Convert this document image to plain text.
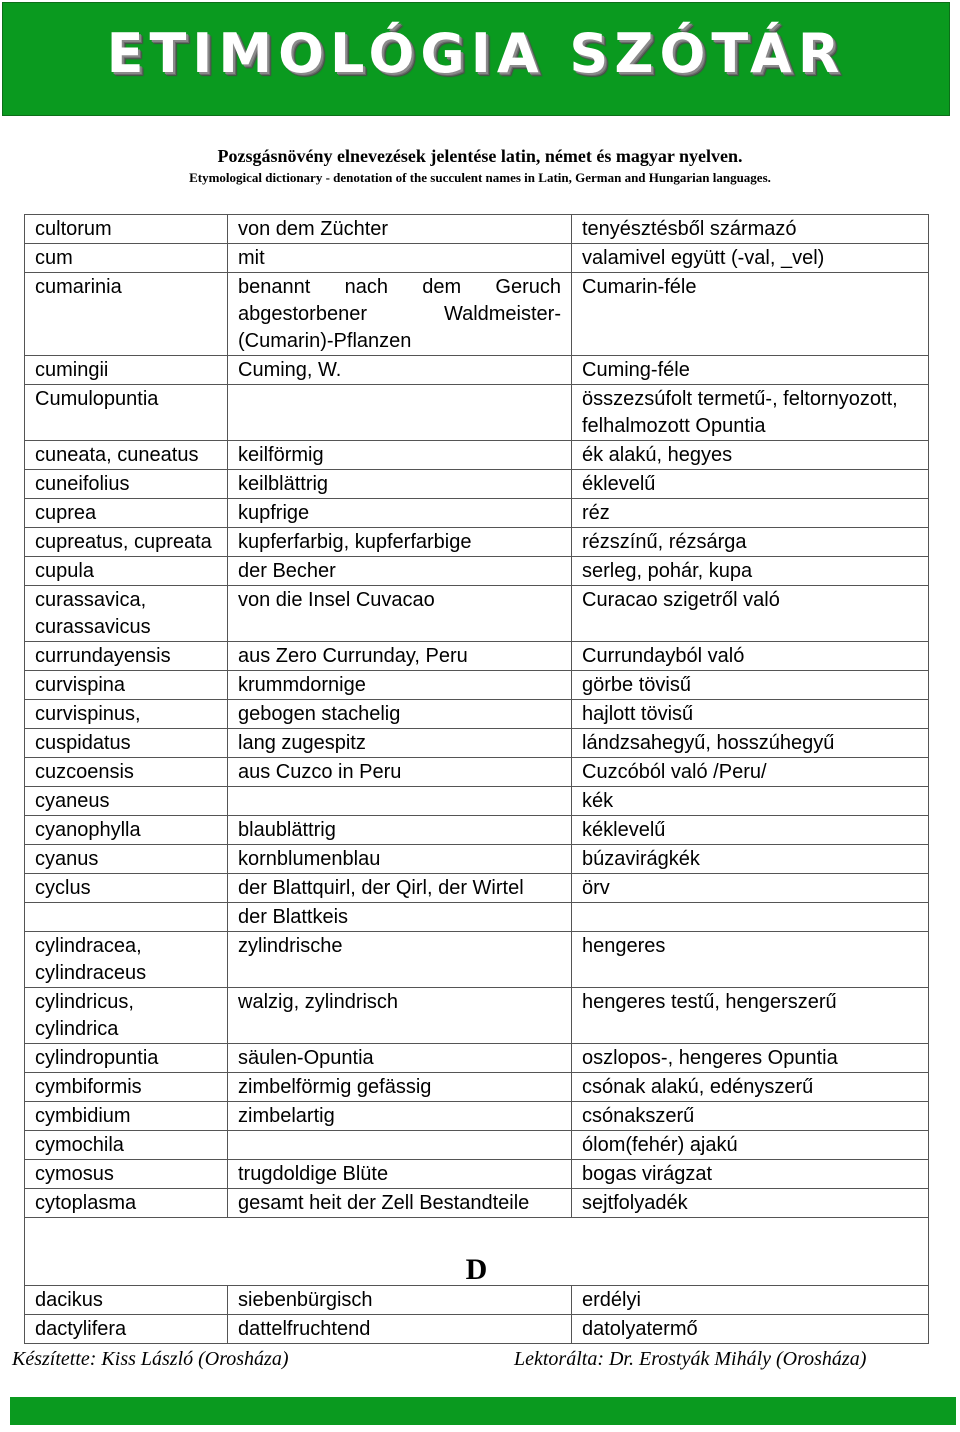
ETIMOLÓGIA SZÓTÁR
Pozsgásnövény elnevezések jelentése latin, német és magyar nyelven.
Etymological dictionary - denotation of the succulent names in Latin, German and Hungarian languages.
cultorum	von dem Züchter	tenyésztésből származó
cum	mit	valamivel együtt (-val, _vel)
cumarinia	benannt nach dem Geruch abgestorbener Waldmeister-(Cumarin)-Pflanzen	Cumarin-féle
cumingii	Cuming, W.	Cuming-féle
Cumulopuntia		összezsúfolt termetű-, feltornyozott, felhalmozott Opuntia
cuneata, cuneatus	keilförmig	ék alakú, hegyes
cuneifolius	keilblättrig	éklevelű
cuprea	kupfrige	réz
cupreatus, cupreata	kupferfarbig, kupferfarbige	rézszínű, rézsárga
cupula	der Becher	serleg, pohár, kupa
curassavica, curassavicus	von die Insel Cuvacao	Curacao szigetről való
currundayensis	aus Zero Currunday, Peru	Currundayból való
curvispina	krummdornige	görbe tövisű
curvispinus,	gebogen stachelig	hajlott tövisű
cuspidatus	lang zugespitz	lándzsahegyű, hosszúhegyű
cuzcoensis	aus Cuzco in Peru	Cuzcóból való /Peru/
cyaneus		kék
cyanophylla	blaublättrig	kéklevelű
cyanus	kornblumenblau	búzavirágkék
cyclus	der Blattquirl, der Qirl, der Wirtel	örv
	der Blattkeis	
cylindracea, cylindraceus	zylindrische	hengeres
cylindricus, cylindrica	walzig, zylindrisch	hengeres testű, hengerszerű
cylindropuntia	säulen-Opuntia	oszlopos-, hengeres Opuntia
cymbiformis	zimbelförmig gefässig	csónak alakú, edényszerű
cymbidium	zimbelartig	csónakszerű
cymochila		ólom(fehér) ajakú
cymosus	trugdoldige Blüte	bogas virágzat
cytoplasma	gesamt heit der Zell Bestandteile	sejtfolyadék
D		
dacikus	siebenbürgisch	erdélyi
dactylifera	dattelfruchtend	datolyatermő
Készítette: Kiss László (Orosháza)	Lektorálta: Dr. Erostyák Mihály (Orosháza)
